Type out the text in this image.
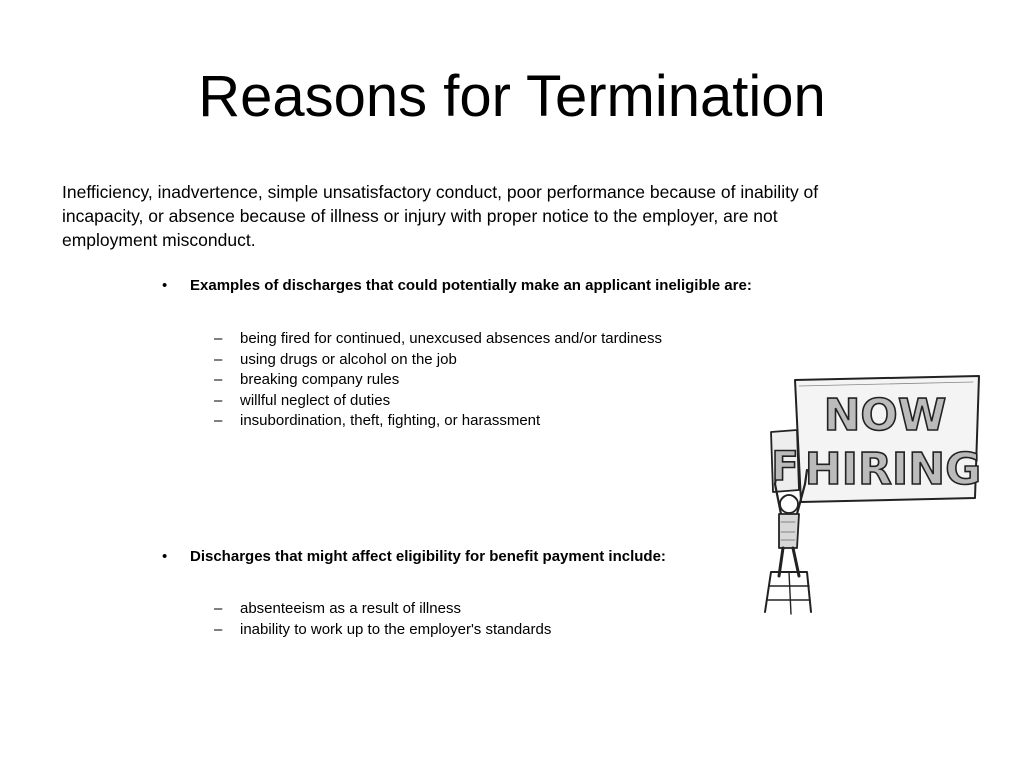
Reasons for Termination

Inefficiency, inadvertence, simple unsatisfactory conduct, poor performance because of inability of incapacity, or absence because of illness or injury with proper notice to the employer, are not employment misconduct.

• Examples of discharges that could potentially make an applicant ineligible are:
– being fired for continued, unexcused absences and/or tardiness
– using drugs or alcohol on the job
– breaking company rules
– willful neglect of duties
– insubordination, theft, fighting, or harassment
• Discharges that might affect eligibility for benefit payment include:
– absenteeism as a result of illness
– inability to work up to the employer's standards
NOW
HIRING
F
